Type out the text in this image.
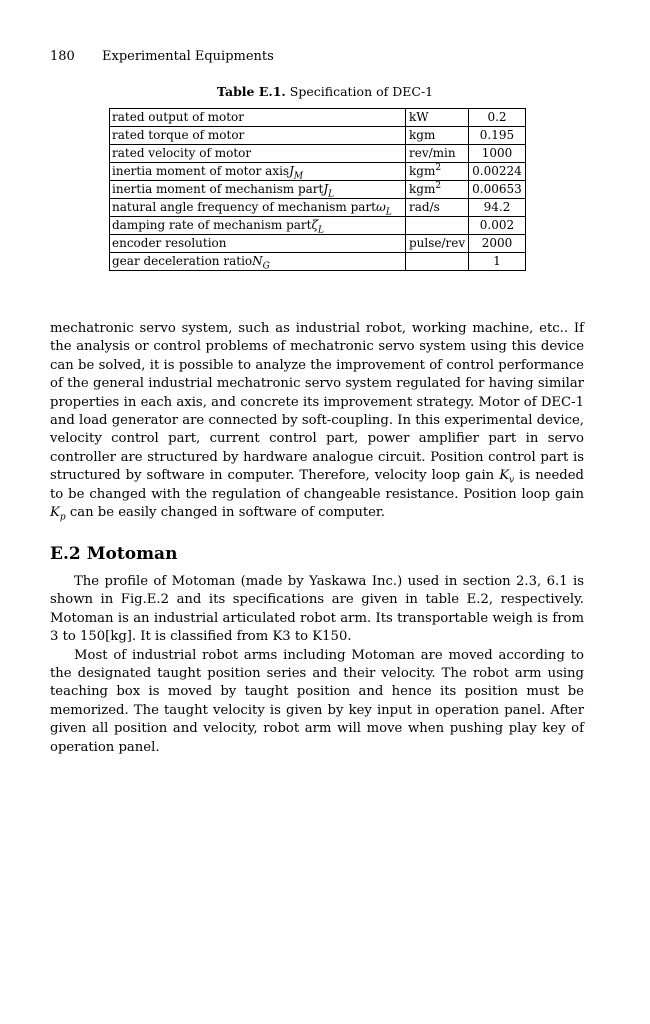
180 Experimental Equipments
Table E.1. Specification of DEC-1
rated output of motor	kW	0.2
rated torque of motor	kgm	0.195
rated velocity of motor	rev/min	1000
inertia moment of motor axisJ$_M$	kgm$^2$	0.00224
inertia moment of mechanism partJ$_L$	kgm$^2$	0.00653
natural angle frequency of mechanism partω$_L$	rad/s	94.2
damping rate of mechanism partζ$_L$		0.002
encoder resolution	pulse/rev	2000
gear deceleration ratioN$_G$		1

mechatronic servo system, such as industrial robot, working machine, etc.. If the analysis or control problems of mechatronic servo system using this device can be solved, it is possible to analyze the improvement of control performance of the general industrial mechatronic servo system regulated for having similar properties in each axis, and concrete its improvement strategy. Motor of DEC-1 and load generator are connected by soft-coupling. In this experimental device, velocity control part, current control part, power amplifier part in servo controller are structured by hardware analogue circuit. Position control part is structured by software in computer. Therefore, velocity loop gain $K_v$ is needed to be changed with the regulation of changeable resistance. Position loop gain $K_p$ can be easily changed in software of computer.

E.2 Motoman

The profile of Motoman (made by Yaskawa Inc.) used in section 2.3, 6.1 is shown in Fig.E.2 and its specifications are given in table E.2, respectively. Motoman is an industrial articulated robot arm. Its transportable weigh is from 3 to 150[kg]. It is classified from K3 to K150.

Most of industrial robot arms including Motoman are moved according to the designated taught position series and their velocity. The robot arm using teaching box is moved by taught position and hence its position must be memorized. The taught velocity is given by key input in operation panel. After given all position and velocity, robot arm will move when pushing play key of operation panel.
